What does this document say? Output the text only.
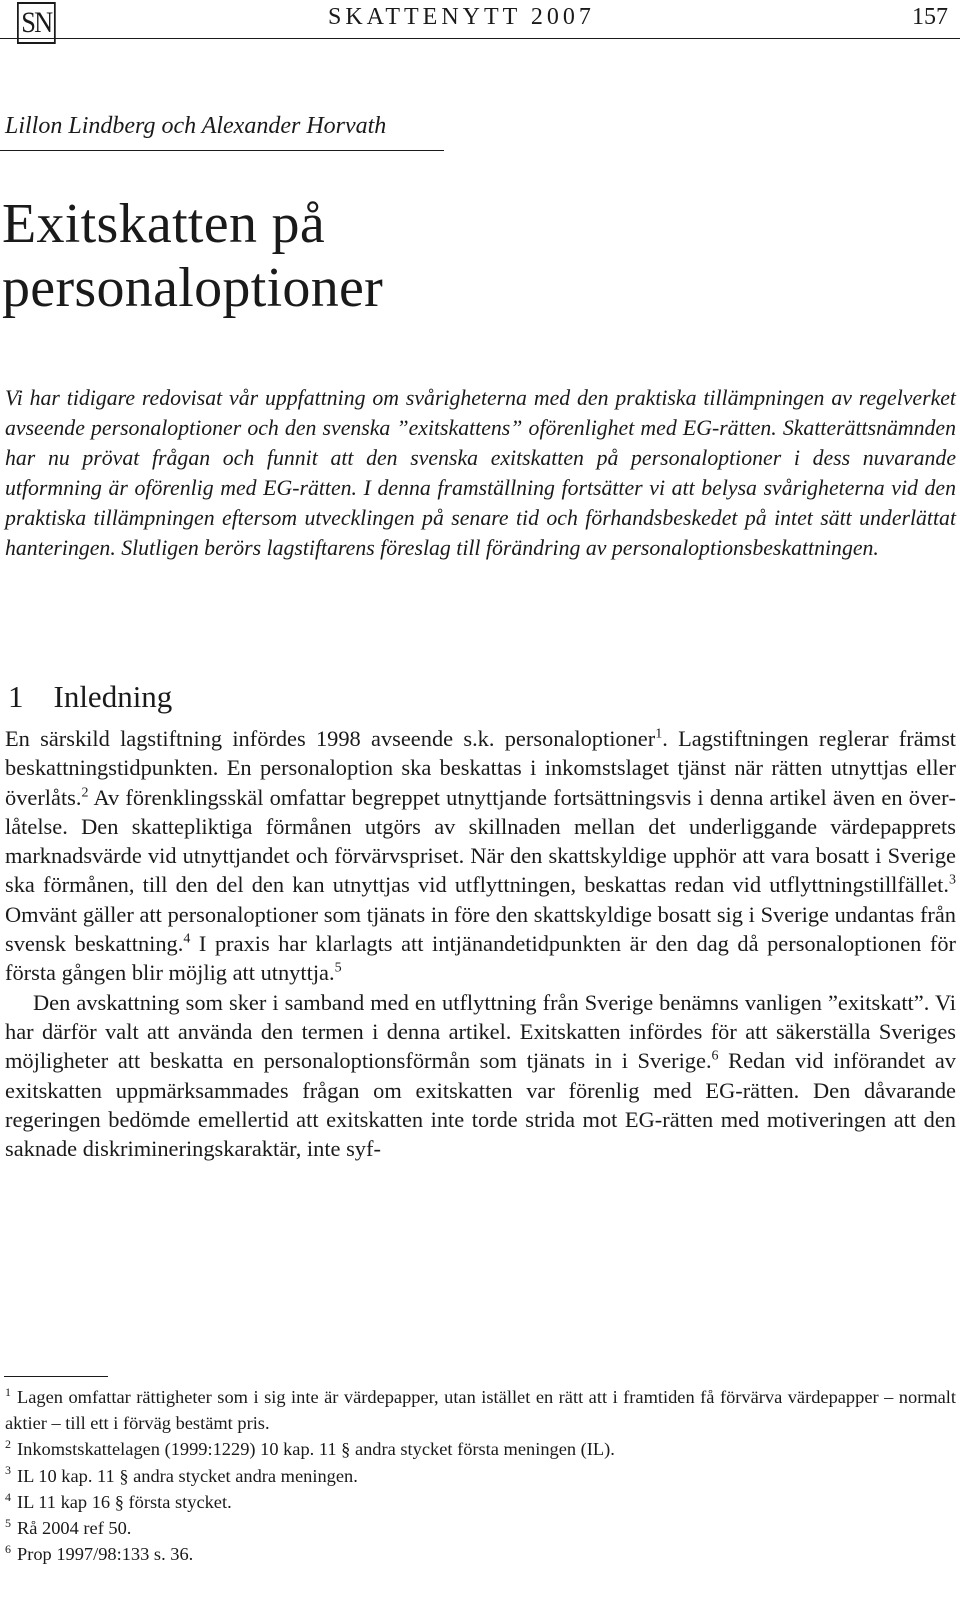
SN	SKATTENYTT 2007	157
Lillon Lindberg och Alexander Horvath
Exitskatten på
personaloptioner

Vi har tidigare redovisat vår uppfattning om svårigheterna med den praktiska tillämpningen av regelverket avseende personaloptioner och den svenska ”exitskattens” oförenlighet med EG-rätten. Skatterättsnämnden har nu prövat frågan och funnit att den svenska exitskatten på personaloptioner i dess nuvarande utformning är oförenlig med EG-rätten. I denna framställning fortsätter vi att belysa svårigheterna vid den praktiska tillämpningen eftersom utvecklingen på senare tid och förhandsbeskedet på intet sätt underlättat hanteringen. Slutligen berörs lagstiftarens föreslag till förändring av personaloptionsbeskattningen.

1 Inledning

En särskild lagstiftning infördes 1998 avseende s.k. personaloptioner$^1$. Lagstiftningen reglerar främst beskattningstidpunkten. En personaloption ska beskattas i inkomstslaget tjänst när rätten utnyttjas eller överlåts.$^2$ Av förenklingsskäl omfattar begreppet utnyttjande fortsättningsvis i denna artikel även en överlåtelse. Den skattepliktiga förmånen utgörs av skillnaden mellan det underliggande värdepapprets marknadsvärde vid utnyttjandet och förvärvspriset. När den skattskyldige upphör att vara bosatt i Sverige ska förmånen, till den del den kan utnyttjas vid utflyttningen, beskattas redan vid utflyttningstillfället.$^3$ Omvänt gäller att personaloptioner som tjänats in före den skattskyldige bosatt sig i Sverige undantas från svensk beskattning.$^4$ I praxis har klarlagts att intjänandetidpunkten är den dag då personaloptionen för första gången blir möjlig att utnyttja.$^5$

Den avskattning som sker i samband med en utflyttning från Sverige benämns vanligen ”exitskatt”. Vi har därför valt att använda den termen i denna artikel. Exitskatten infördes för att säkerställa Sveriges möjligheter att beskatta en personaloptionsförmån som tjänats in i Sverige.$^6$ Redan vid införandet av exitskatten uppmärksammades frågan om exitskatten var förenlig med EG-rätten. Den dåvarande regeringen bedömde emellertid att exitskatten inte torde strida mot EG-rätten med motiveringen att den saknade diskrimineringskaraktär, inte syf-

$^1$ Lagen omfattar rättigheter som i sig inte är värdepapper, utan istället en rätt att i framtiden få förvärva värdepapper – normalt aktier – till ett i förväg bestämt pris.

$^2$ Inkomstskattelagen (1999:1229) 10 kap. 11 § andra stycket första meningen (IL).

$^3$ IL 10 kap. 11 § andra stycket andra meningen.

$^4$ IL 11 kap 16 § första stycket.

$^5$ Rå 2004 ref 50.

$^6$ Prop 1997/98:133 s. 36.
